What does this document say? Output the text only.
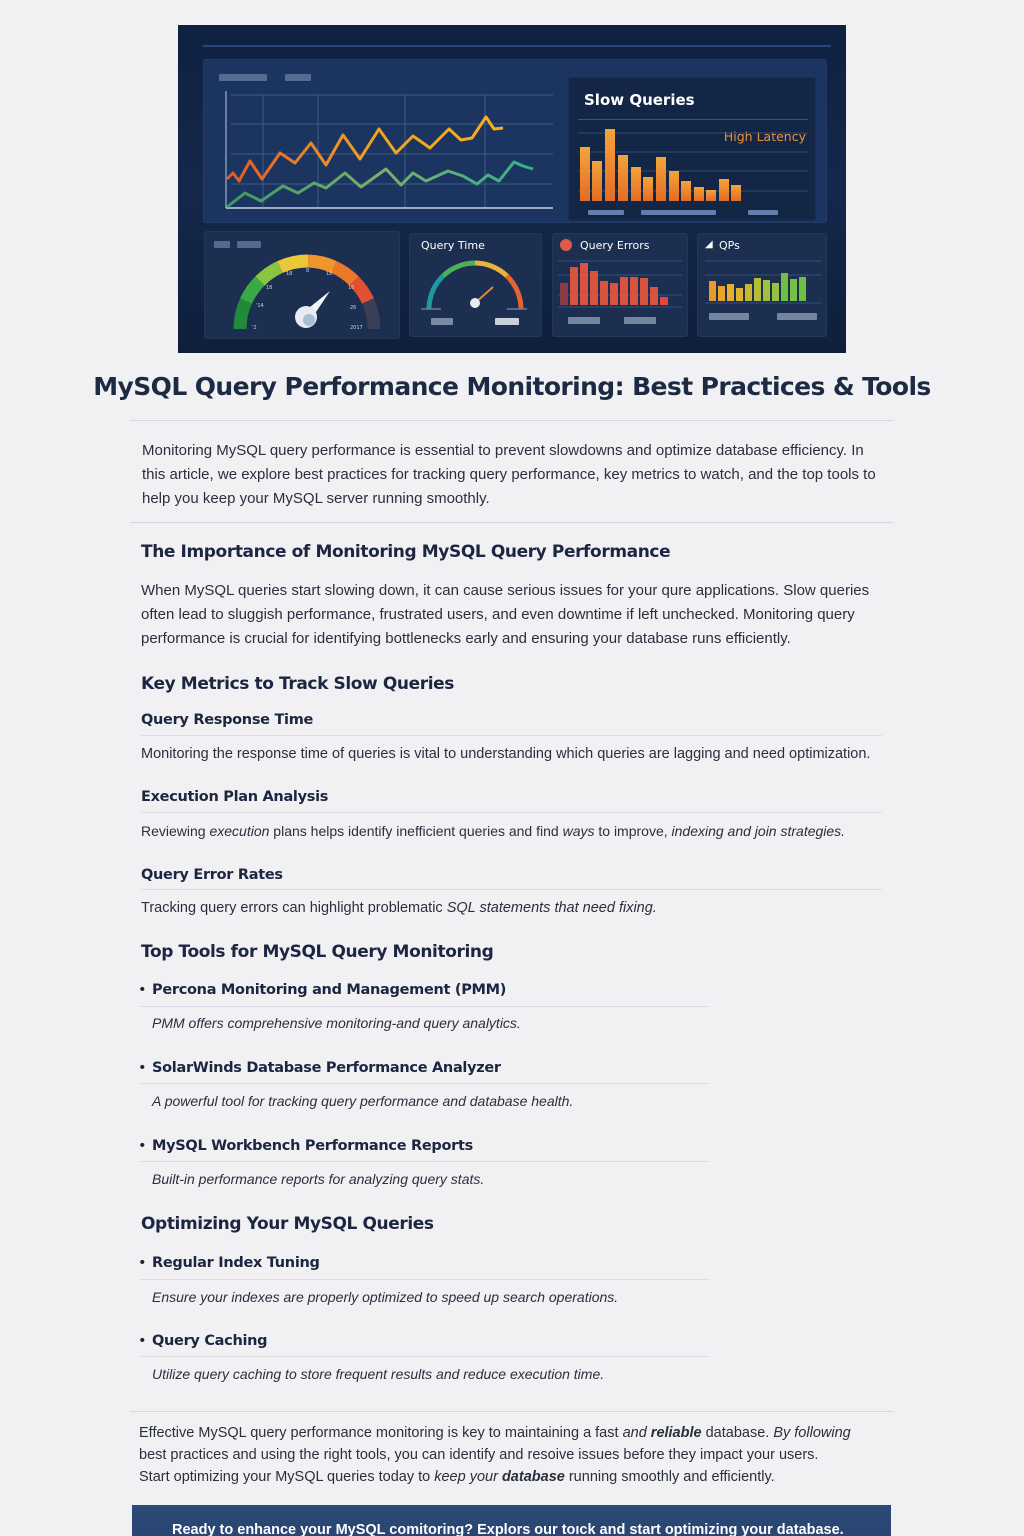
Slow Queries
High Latency
'2
'14
18
18	8	18
16
26
2017
Query Time	Query Errors	◢ QPs
MySQL Query Performance Monitoring: Best Practices & Tools

Monitoring MySQL query performance is essential to prevent slowdowns and optimize database efficiency. In this article, we explore best practices for tracking query performance, key metrics to watch, and the top tools to help you keep your MySQL server running smoothly.

The Importance of Monitoring MySQL Query Performance

When MySQL queries start slowing down, it can cause serious issues for your qure applications. Slow queries often lead to sluggish performance, frustrated users, and even downtime if left unchecked. Monitoring query performance is crucial for identifying bottlenecks early and ensuring your database runs efficiently.

Key Metrics to Track Slow Queries
Query Response Time

Monitoring the response time of queries is vital to understanding which queries are lagging and need optimization.

Execution Plan Analysis

Reviewing execution plans helps identify inefficient queries and find ways to improve, indexing and join strategies.

Query Error Rates

Tracking query errors can highlight problematic SQL statements that need fixing.

Top Tools for MySQL Query Monitoring
• Percona Monitoring and Management (PMM)

PMM offers comprehensive monitoring-and query analytics.

• SolarWinds Database Performance Analyzer

A powerful tool for tracking query performance and database health.

• MySQL Workbench Performance Reports

Built-in performance reports for analyzing query stats.

Optimizing Your MySQL Queries
• Regular Index Tuning

Ensure your indexes are properly optimized to speed up search operations.

• Query Caching

Utilize query caching to store frequent results and reduce execution time.

Effective MySQL query performance monitoring is key to maintaining a fast and reliable database. By following
best practices and using the right tools, you can identify and resoive issues before they impact your users.
Start optimizing your MySQL queries today to keep your database running smoothly and efficiently.
Ready to enhance your MySQL comitoring? Explors our toıck and start optimizing your database.
